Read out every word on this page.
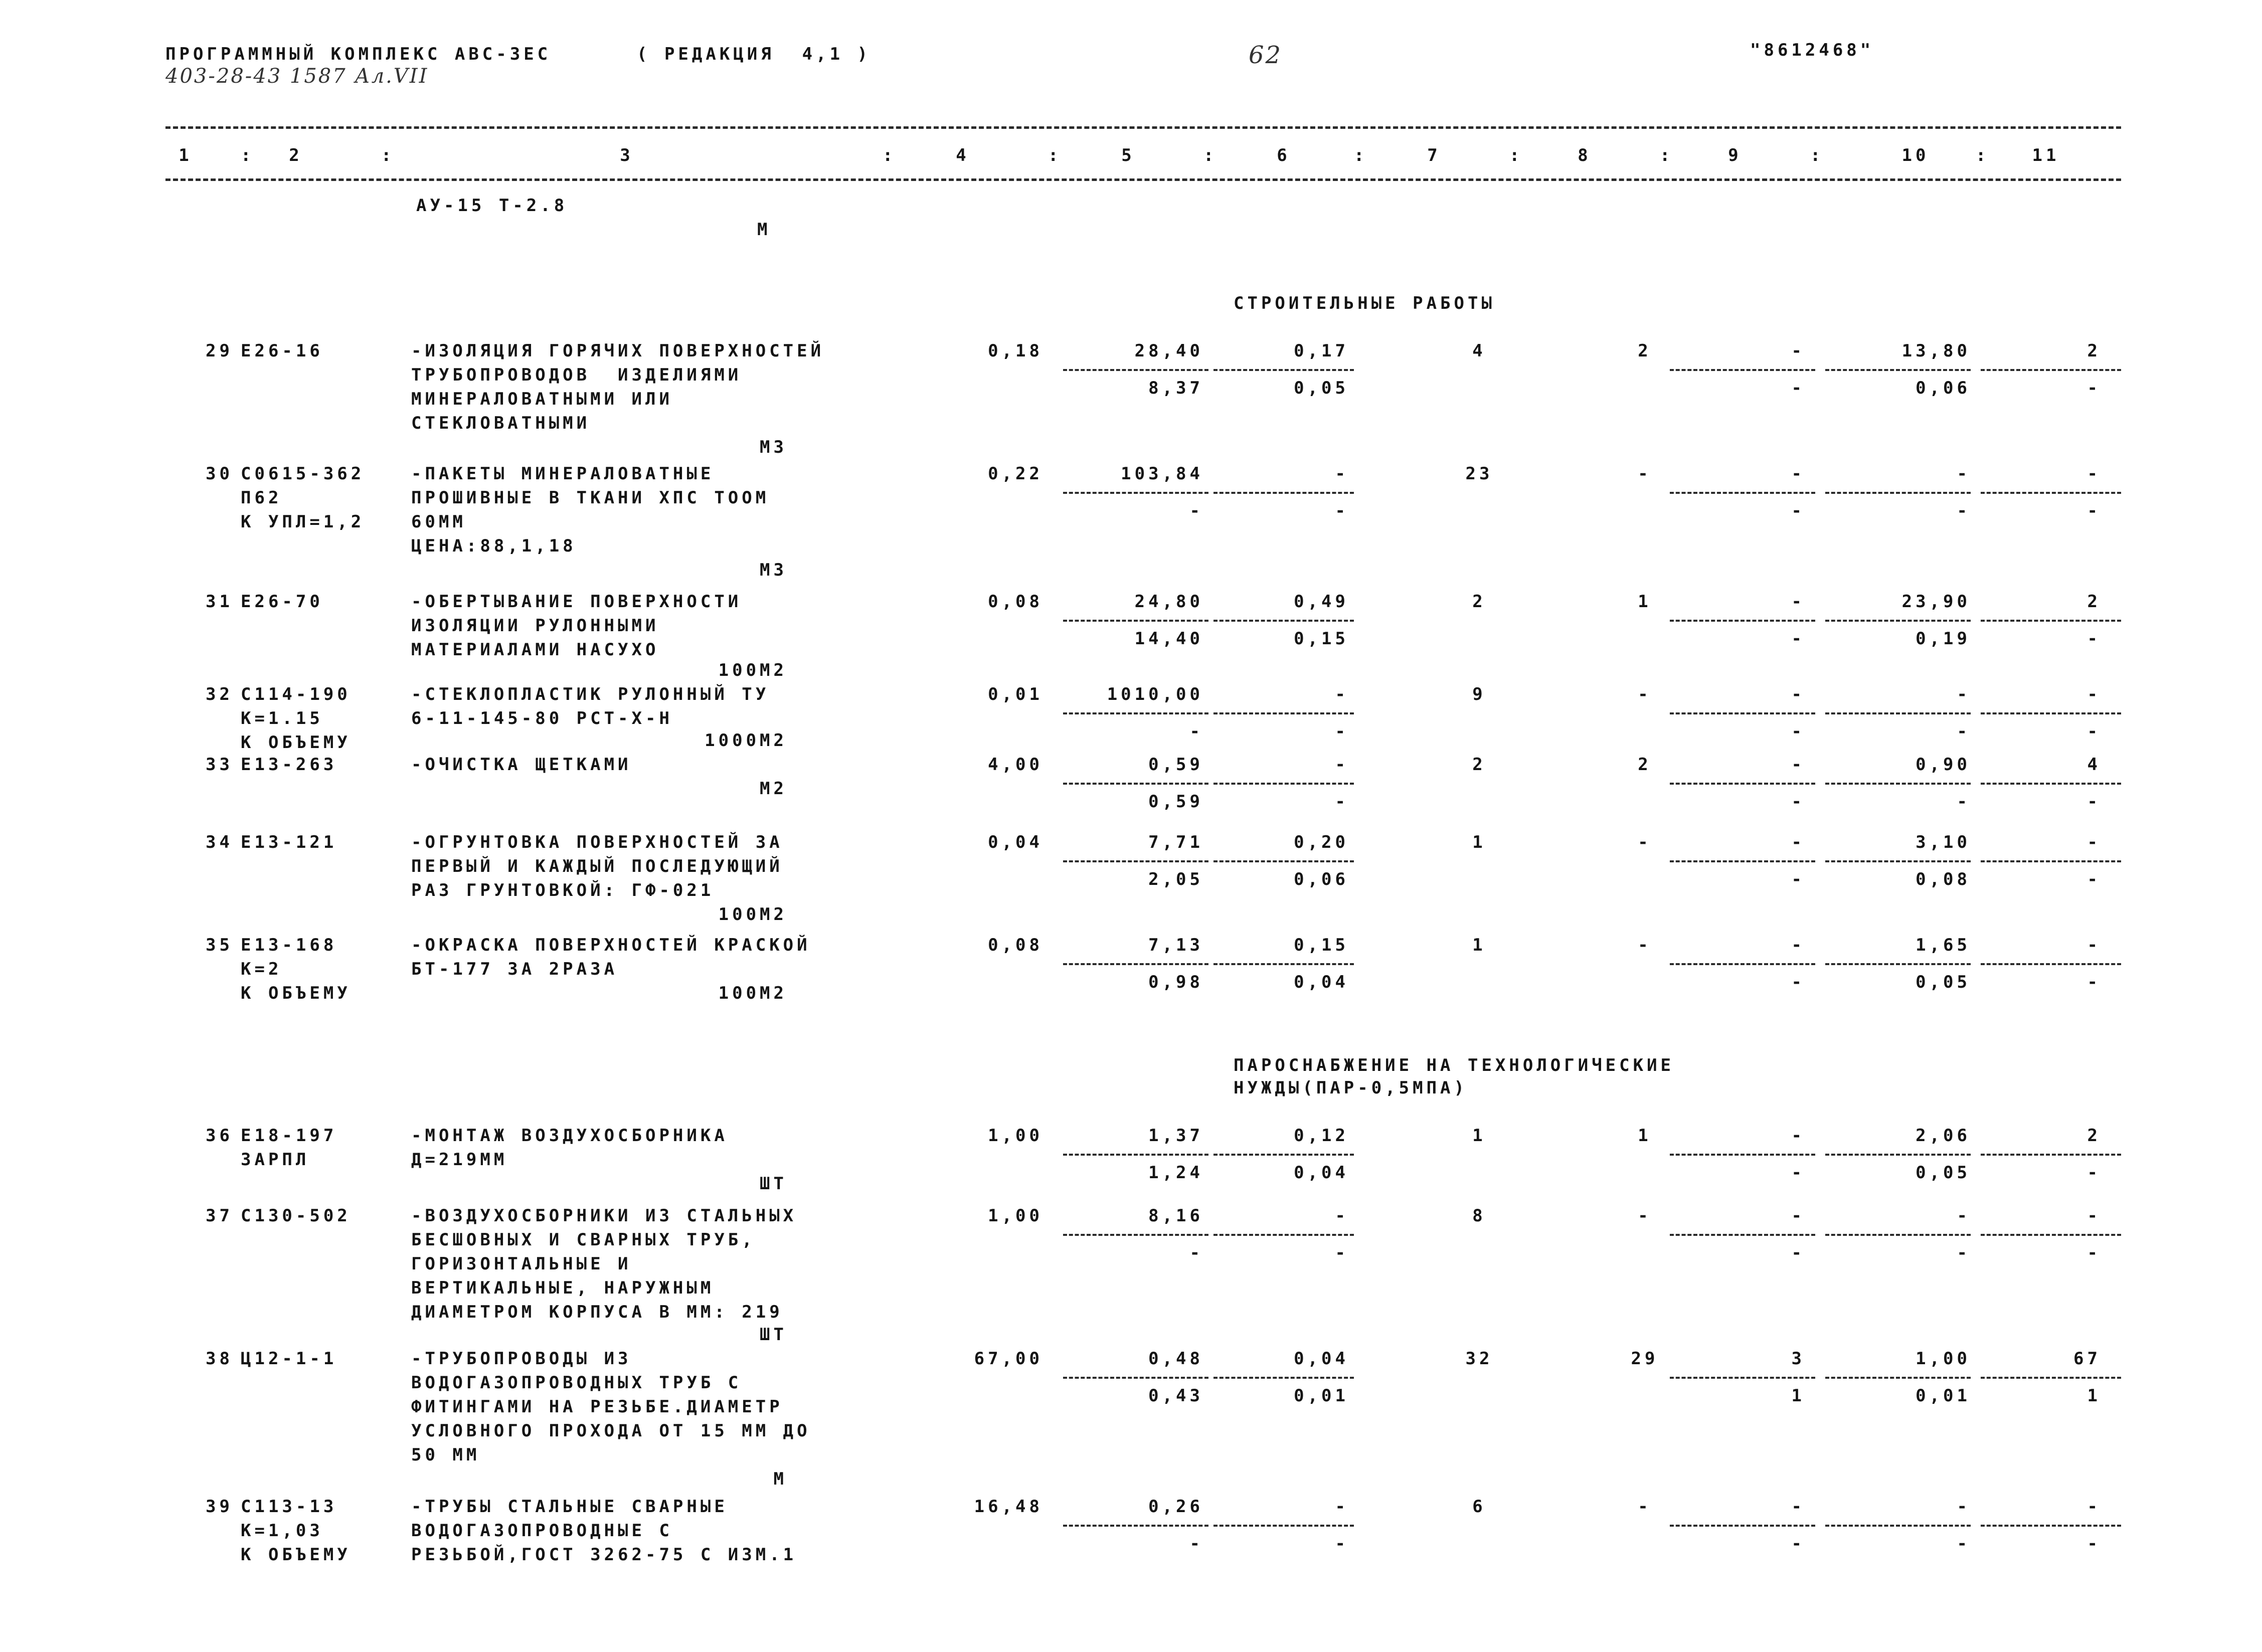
ПРОГРАММНЫЙ КОМПЛЕКС АВС-ЗЕС	( РЕДАКЦИЯ  4,1 )
403-28-43 1587 Ал.VII
62	"8612468"
1	2	3	4	5	6	7	8	9	10	11
:	:	:	:	:	:	:	:	:	:
АУ-15 Т-2.8
М
СТРОИТЕЛЬНЫЕ РАБОТЫ
ПАРОСНАБЖЕНИЕ НА ТЕХНОЛОГИЧЕСКИЕ
НУЖДЫ(ПАР-0,5МПА)
29 Е26-16	-ИЗОЛЯЦИЯ ГОРЯЧИХ ПОВЕРХНОСТЕЙ
ТРУБОПРОВОДОВ  ИЗДЕЛИЯМИ
МИНЕРАЛОВАТНЫМИ ИЛИ
СТЕКЛОВАТНЫМИ
М3
0,18	28,40	0,17	4	2	-	13,80	2
8,37	0,05	-	0,06	-
30 С0615-362
П62
К УПЛ=1,2
-ПАКЕТЫ МИНЕРАЛОВАТНЫЕ
ПРОШИВНЫЕ В ТКАНИ ХПС ТООМ
60ММ
ЦЕНА:88,1,18
М3
0,22	103,84	-	23	-	-	-	-
-	-	-	-	-
31 Е26-70	-ОБЕРТЫВАНИЕ ПОВЕРХНОСТИ
ИЗОЛЯЦИИ РУЛОННЫМИ
МАТЕРИАЛАМИ НАСУХО
100М2
0,08	24,80	0,49	2	1	-	23,90	2
14,40	0,15	-	0,19	-
32 С114-190
К=1.15
К ОБЪЕМУ
-СТЕКЛОПЛАСТИК РУЛОННЫЙ ТУ
6-11-145-80 РСТ-Х-Н
1000М2
0,01	1010,00	-	9	-	-	-	-
-	-	-	-	-
33 Е13-263	-ОЧИСТКА ЩЕТКАМИ
М2
4,00	0,59	-	2	2	-	0,90	4
0,59	-	-	-	-
34 Е13-121	-ОГРУНТОВКА ПОВЕРХНОСТЕЙ ЗА
ПЕРВЫЙ И КАЖДЫЙ ПОСЛЕДУЮЩИЙ
РАЗ ГРУНТОВКОЙ: ГФ-021
100М2
0,04	7,71	0,20	1	-	-	3,10	-
2,05	0,06	-	0,08	-
35 Е13-168
К=2
К ОБЪЕМУ
-ОКРАСКА ПОВЕРХНОСТЕЙ КРАСКОЙ
БТ-177 ЗА 2РАЗА
100М2
0,08	7,13	0,15	1	-	-	1,65	-
0,98	0,04	-	0,05	-
36 Е18-197
ЗАРПЛ
-МОНТАЖ ВОЗДУХОСБОРНИКА
Д=219ММ
ШТ
1,00	1,37	0,12	1	1	-	2,06	2
1,24	0,04	-	0,05	-
37 С130-502	-ВОЗДУХОСБОРНИКИ ИЗ СТАЛЬНЫХ
БЕСШОВНЫХ И СВАРНЫХ ТРУБ,
ГОРИЗОНТАЛЬНЫЕ И
ВЕРТИКАЛЬНЫЕ, НАРУЖНЫМ
ДИАМЕТРОМ КОРПУСА В ММ: 219
ШТ
1,00	8,16	-	8	-	-	-	-
-	-	-	-	-
38 Ц12-1-1	-ТРУБОПРОВОДЫ ИЗ
ВОДОГАЗОПРОВОДНЫХ ТРУБ С
ФИТИНГАМИ НА РЕЗЬБЕ.ДИАМЕТР
УСЛОВНОГО ПРОХОДА ОТ 15 ММ ДО
50 ММ
М
67,00	0,48	0,04	32	29	3	1,00	67
0,43	0,01	1	0,01	1
39 С113-13
К=1,03
К ОБЪЕМУ
-ТРУБЫ СТАЛЬНЫЕ СВАРНЫЕ
ВОДОГАЗОПРОВОДНЫЕ С
РЕЗЬБОЙ,ГОСТ 3262-75 С ИЗМ.1
16,48	0,26	-	6	-	-	-	-
-	-	-	-	-
